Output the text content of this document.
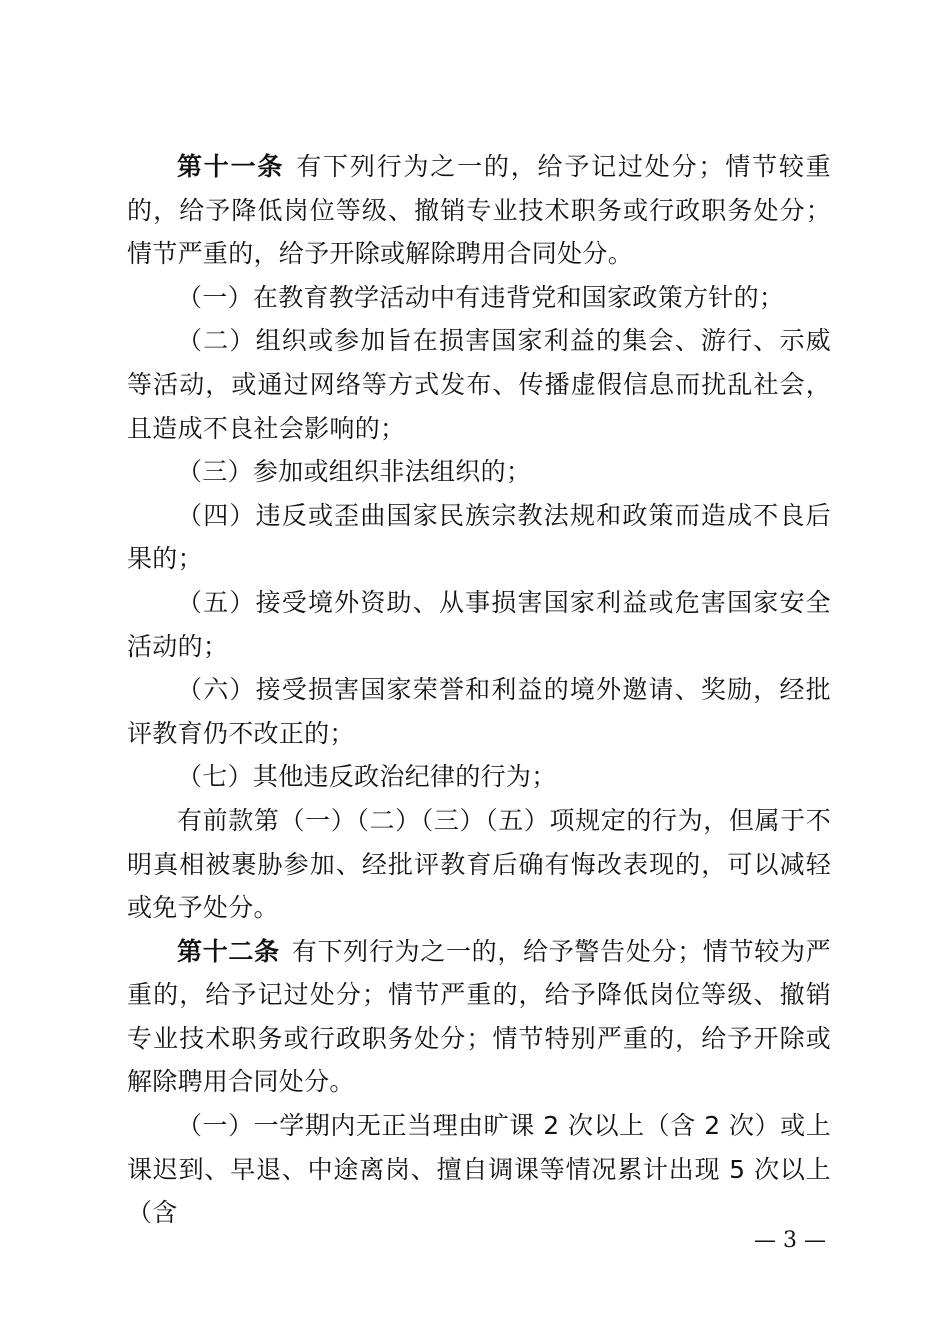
第十一条 有下列行为之一的，给予记过处分；情节较重的，给予降低岗位等级、撤销专业技术职务或行政职务处分；情节严重的，给予开除或解除聘用合同处分。

（一）在教育教学活动中有违背党和国家政策方针的；

（二）组织或参加旨在损害国家利益的集会、游行、示威等活动，或通过网络等方式发布、传播虚假信息而扰乱社会，且造成不良社会影响的；

（三）参加或组织非法组织的；

（四）违反或歪曲国家民族宗教法规和政策而造成不良后果的；

（五）接受境外资助、从事损害国家利益或危害国家安全活动的；

（六）接受损害国家荣誉和利益的境外邀请、奖励，经批评教育仍不改正的；

（七）其他违反政治纪律的行为；

有前款第（一）（二）（三）（五）项规定的行为，但属于不明真相被裹胁参加、经批评教育后确有悔改表现的，可以减轻或免予处分。

第十二条 有下列行为之一的，给予警告处分；情节较为严重的，给予记过处分；情节严重的，给予降低岗位等级、撤销专业技术职务或行政职务处分；情节特别严重的，给予开除或解除聘用合同处分。

（一）一学期内无正当理由旷课 2 次以上（含 2 次）或上课迟到、早退、中途离岗、擅自调课等情况累计出现 5 次以上（含

— 3 —
